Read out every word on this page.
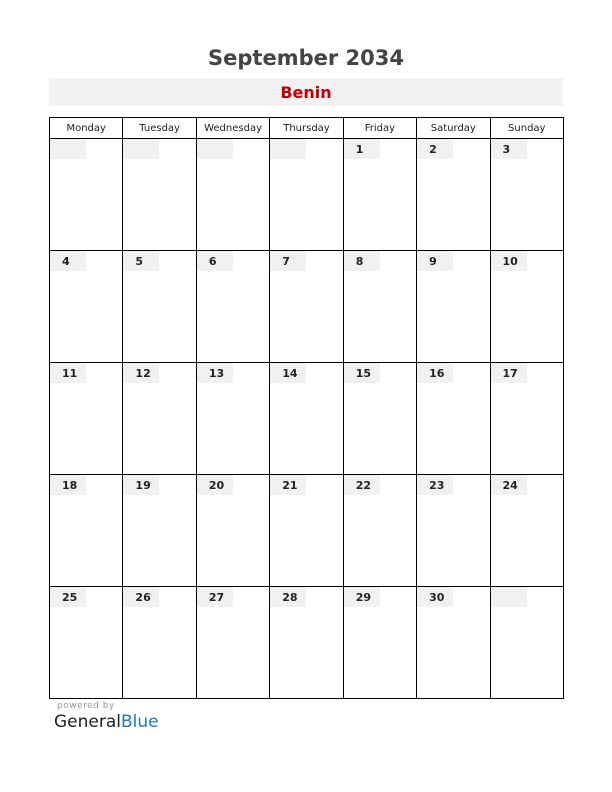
September 2034
Benin
Monday	Tuesday	Wednesday	Thursday	Friday	Saturday	Sunday

				1	2	3

4	5	6	7	8	9	10

11	12	13	14	15	16	17

18	19	20	21	22	23	24

25	26	27	28	29	30	

powered by
GeneralBlue
